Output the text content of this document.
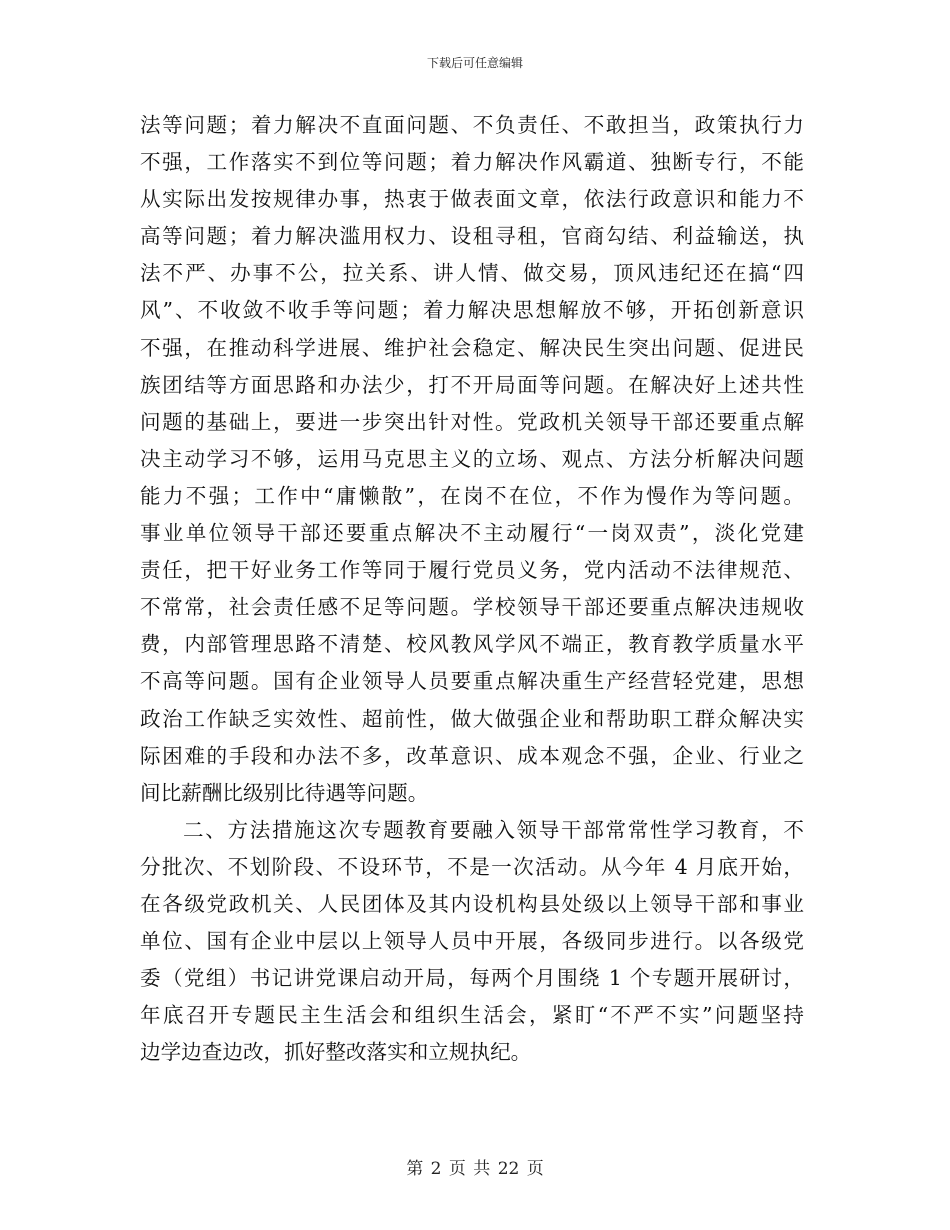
下载后可任意编辑
法等问题；着力解决不直面问题、不负责任、不敢担当，政策执行力
不强，工作落实不到位等问题；着力解决作风霸道、独断专行，不能
从实际出发按规律办事，热衷于做表面文章，依法行政意识和能力不
高等问题；着力解决滥用权力、设租寻租，官商勾结、利益输送，执
法不严、办事不公，拉关系、讲人情、做交易，顶风违纪还在搞“四
风”、不收敛不收手等问题；着力解决思想解放不够，开拓创新意识
不强，在推动科学进展、维护社会稳定、解决民生突出问题、促进民
族团结等方面思路和办法少，打不开局面等问题。在解决好上述共性
问题的基础上，要进一步突出针对性。党政机关领导干部还要重点解
决主动学习不够，运用马克思主义的立场、观点、方法分析解决问题
能力不强；工作中“庸懒散”，在岗不在位，不作为慢作为等问题。
事业单位领导干部还要重点解决不主动履行“一岗双责”，淡化党建
责任，把干好业务工作等同于履行党员义务，党内活动不法律规范、
不常常，社会责任感不足等问题。学校领导干部还要重点解决违规收
费，内部管理思路不清楚、校风教风学风不端正，教育教学质量水平
不高等问题。国有企业领导人员要重点解决重生产经营轻党建，思想
政治工作缺乏实效性、超前性，做大做强企业和帮助职工群众解决实
际困难的手段和办法不多，改革意识、成本观念不强，企业、行业之
间比薪酬比级别比待遇等问题。
二、方法措施这次专题教育要融入领导干部常常性学习教育，不
分批次、不划阶段、不设环节，不是一次活动。从今年 4 月底开始，
在各级党政机关、人民团体及其内设机构县处级以上领导干部和事业
单位、国有企业中层以上领导人员中开展，各级同步进行。以各级党
委（党组）书记讲党课启动开局，每两个月围绕 1 个专题开展研讨，
年底召开专题民主生活会和组织生活会，紧盯“不严不实”问题坚持
边学边查边改，抓好整改落实和立规执纪。
第 2 页 共 22 页
